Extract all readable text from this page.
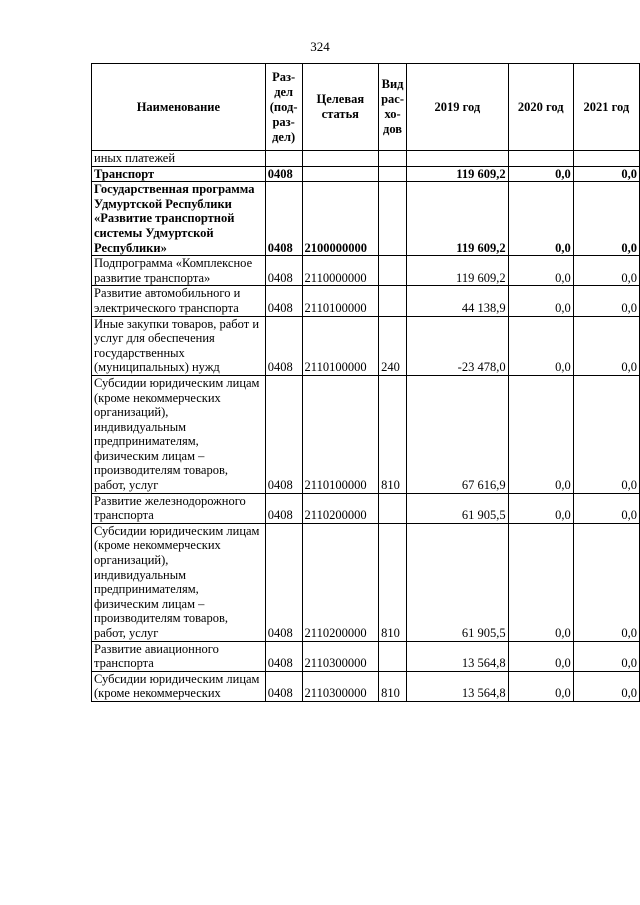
324
Наименование	Раз-дел (под-раз-дел)	Целевая статья	Вид рас-хо-дов	2019 год	2020 год	2021 год
иных платежей						
Транспорт	0408			119 609,2	0,0	0,0
Государственная программа Удмуртской Республики «Развитие транспортной системы Удмуртской Республики»	0408	2100000000		119 609,2	0,0	0,0
Подпрограмма «Комплексное развитие транспорта»	0408	2110000000		119 609,2	0,0	0,0
Развитие автомобильного и электрического транспорта	0408	2110100000		44 138,9	0,0	0,0
Иные закупки товаров, работ и услуг для обеспечения государственных (муниципальных) нужд	0408	2110100000	240	-23 478,0	0,0	0,0
Субсидии юридическим лицам (кроме некоммерческих организаций), индивидуальным предпринимателям, физическим лицам – производителям товаров, работ, услуг	0408	2110100000	810	67 616,9	0,0	0,0
Развитие железнодорожного транспорта	0408	2110200000		61 905,5	0,0	0,0
Субсидии юридическим лицам (кроме некоммерческих организаций), индивидуальным предпринимателям, физическим лицам – производителям товаров, работ, услуг	0408	2110200000	810	61 905,5	0,0	0,0
Развитие авиационного транспорта	0408	2110300000		13 564,8	0,0	0,0
Субсидии юридическим лицам (кроме некоммерческих	0408	2110300000	810	13 564,8	0,0	0,0
